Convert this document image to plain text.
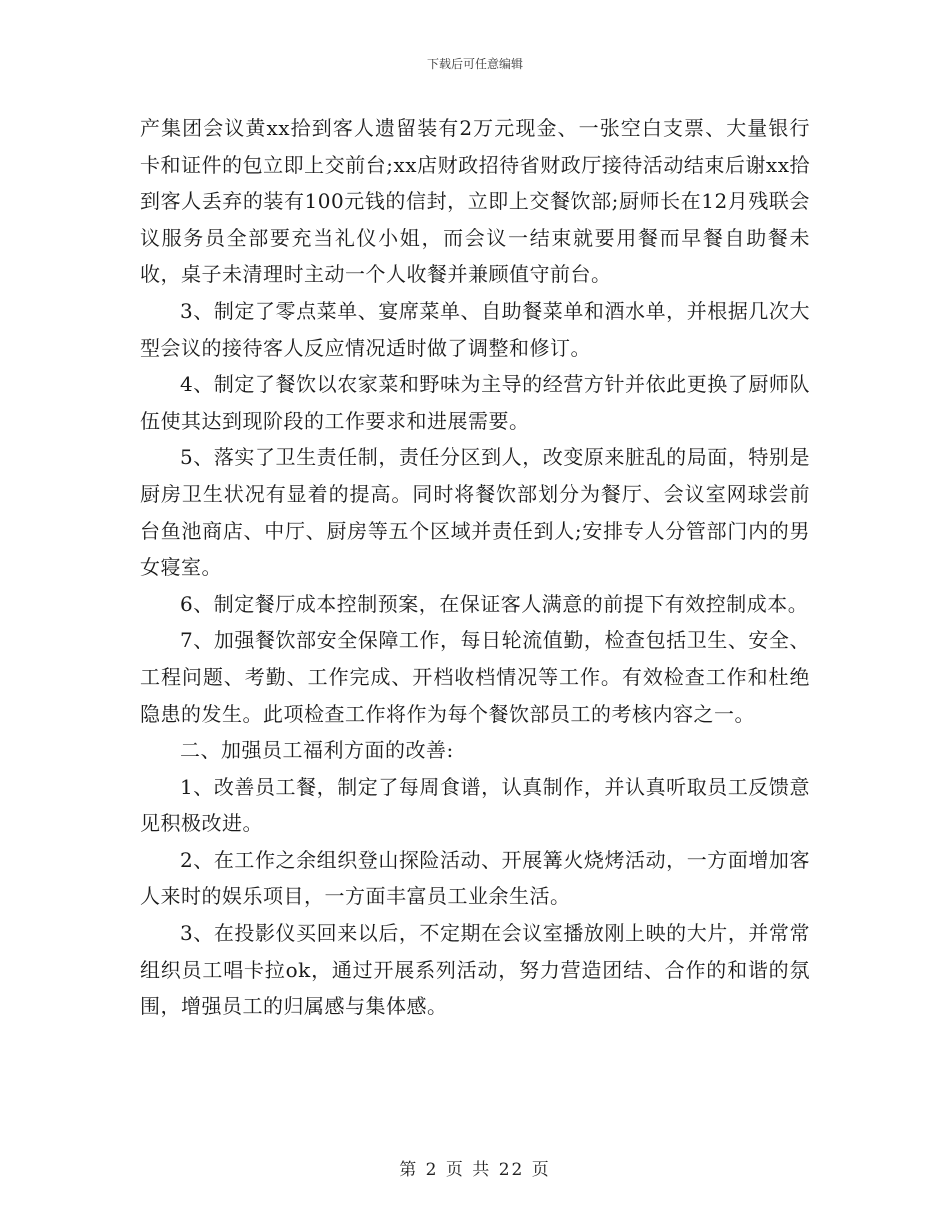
下载后可任意编辑

产集团会议黄xx拾到客人遗留装有2万元现金、一张空白支票、大量银行卡和证件的包立即上交前台;xx店财政招待省财政厅接待活动结束后谢xx拾到客人丢弃的装有100元钱的信封，立即上交餐饮部;厨师长在12月残联会议服务员全部要充当礼仪小姐，而会议一结束就要用餐而早餐自助餐未收，桌子未清理时主动一个人收餐并兼顾值守前台。

3、制定了零点菜单、宴席菜单、自助餐菜单和酒水单，并根据几次大型会议的接待客人反应情况适时做了调整和修订。

4、制定了餐饮以农家菜和野味为主导的经营方针并依此更换了厨师队伍使其达到现阶段的工作要求和进展需要。

5、落实了卫生责任制，责任分区到人，改变原来脏乱的局面，特别是厨房卫生状况有显着的提高。同时将餐饮部划分为餐厅、会议室网球尝前台鱼池商店、中厅、厨房等五个区域并责任到人;安排专人分管部门内的男女寝室。

6、制定餐厅成本控制预案，在保证客人满意的前提下有效控制成本。

7、加强餐饮部安全保障工作，每日轮流值勤，检查包括卫生、安全、工程问题、考勤、工作完成、开档收档情况等工作。有效检查工作和杜绝隐患的发生。此项检查工作将作为每个餐饮部员工的考核内容之一。

二、加强员工福利方面的改善:

1、改善员工餐，制定了每周食谱，认真制作，并认真听取员工反馈意见积极改进。

2、在工作之余组织登山探险活动、开展篝火烧烤活动，一方面增加客人来时的娱乐项目，一方面丰富员工业余生活。

3、在投影仪买回来以后，不定期在会议室播放刚上映的大片，并常常组织员工唱卡拉ok，通过开展系列活动，努力营造团结、合作的和谐的氛围，增强员工的归属感与集体感。

第 2 页 共 22 页
